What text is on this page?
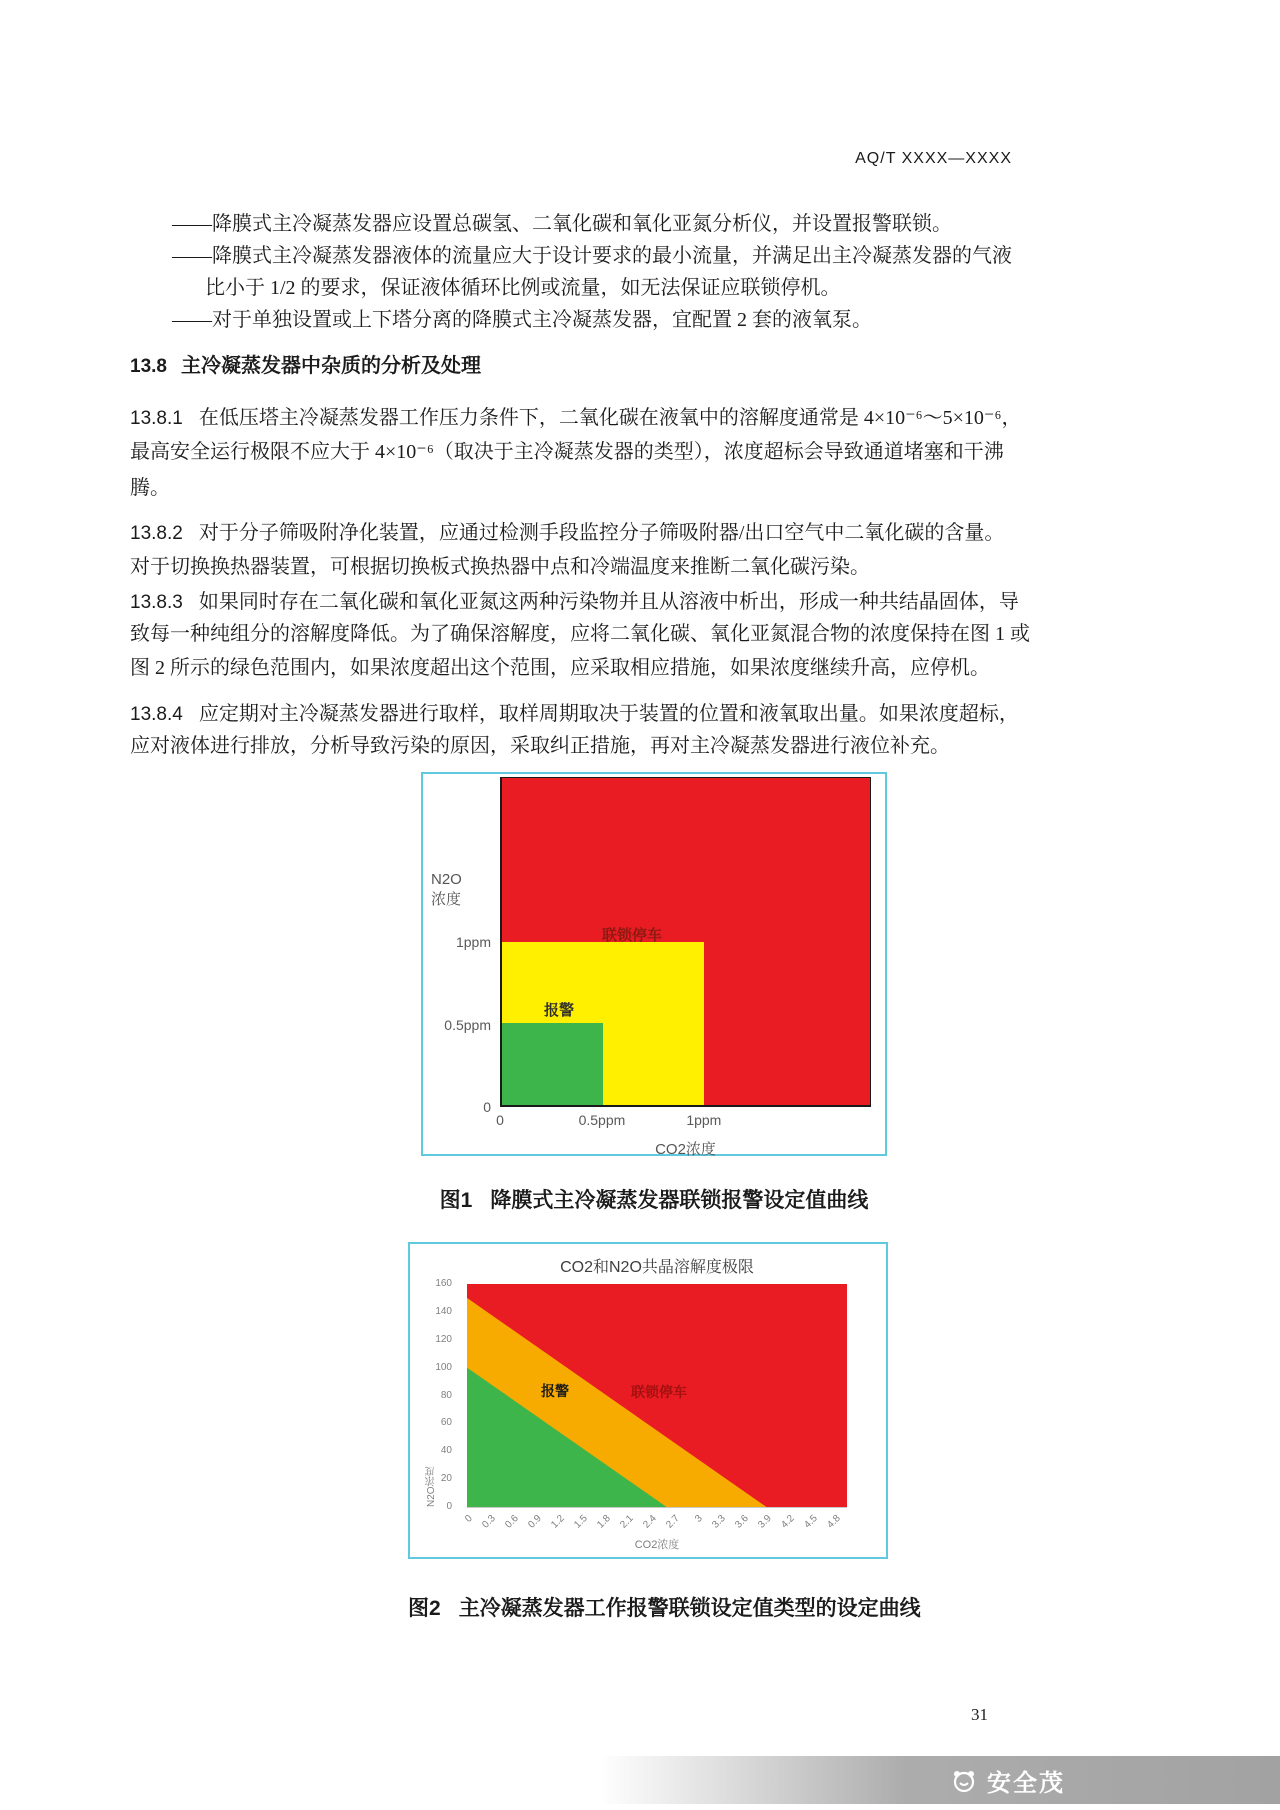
AQ/T XXXX—XXXX
——降膜式主冷凝蒸发器应设置总碳氢、二氧化碳和氧化亚氮分析仪，并设置报警联锁。
——降膜式主冷凝蒸发器液体的流量应大于设计要求的最小流量，并满足出主冷凝蒸发器的气液
比小于 1/2 的要求，保证液体循环比例或流量，如无法保证应联锁停机。
——对于单独设置或上下塔分离的降膜式主冷凝蒸发器，宜配置 2 套的液氧泵。
13.8 主冷凝蒸发器中杂质的分析及处理
13.8.1 在低压塔主冷凝蒸发器工作压力条件下，二氧化碳在液氧中的溶解度通常是 4×10⁻⁶～5×10⁻⁶，
最高安全运行极限不应大于 4×10⁻⁶（取决于主冷凝蒸发器的类型），浓度超标会导致通道堵塞和干沸
腾。
13.8.2 对于分子筛吸附净化装置，应通过检测手段监控分子筛吸附器/出口空气中二氧化碳的含量。
对于切换换热器装置，可根据切换板式换热器中点和冷端温度来推断二氧化碳污染。
13.8.3 如果同时存在二氧化碳和氧化亚氮这两种污染物并且从溶液中析出，形成一种共结晶固体，导
致每一种纯组分的溶解度降低。为了确保溶解度，应将二氧化碳、氧化亚氮混合物的浓度保持在图 1 或
图 2 所示的绿色范围内，如果浓度超出这个范围，应采取相应措施，如果浓度继续升高，应停机。
13.8.4 应定期对主冷凝蒸发器进行取样，取样周期取决于装置的位置和液氧取出量。如果浓度超标，
应对液体进行排放，分析导致污染的原因，采取纠正措施，再对主冷凝蒸发器进行液位补充。
N2O
浓度
联锁停车
报警
0
0.5ppm
1ppm
0	0.5ppm	1ppm
CO2浓度
图1 降膜式主冷凝蒸发器联锁报警设定值曲线
CO2和N2O共晶溶解度极限
N2O浓度
报警	联锁停车
0
20
40
60
80
100
120
140
160
0 0.3 0.6 0.9 1.2 1.5 1.8 2.1 2.4 2.7	3 3.3 3.6 3.9 4.2 4.5 4.8
CO2浓度
图2 主冷凝蒸发器工作报警联锁设定值类型的设定曲线
31
安全茂
